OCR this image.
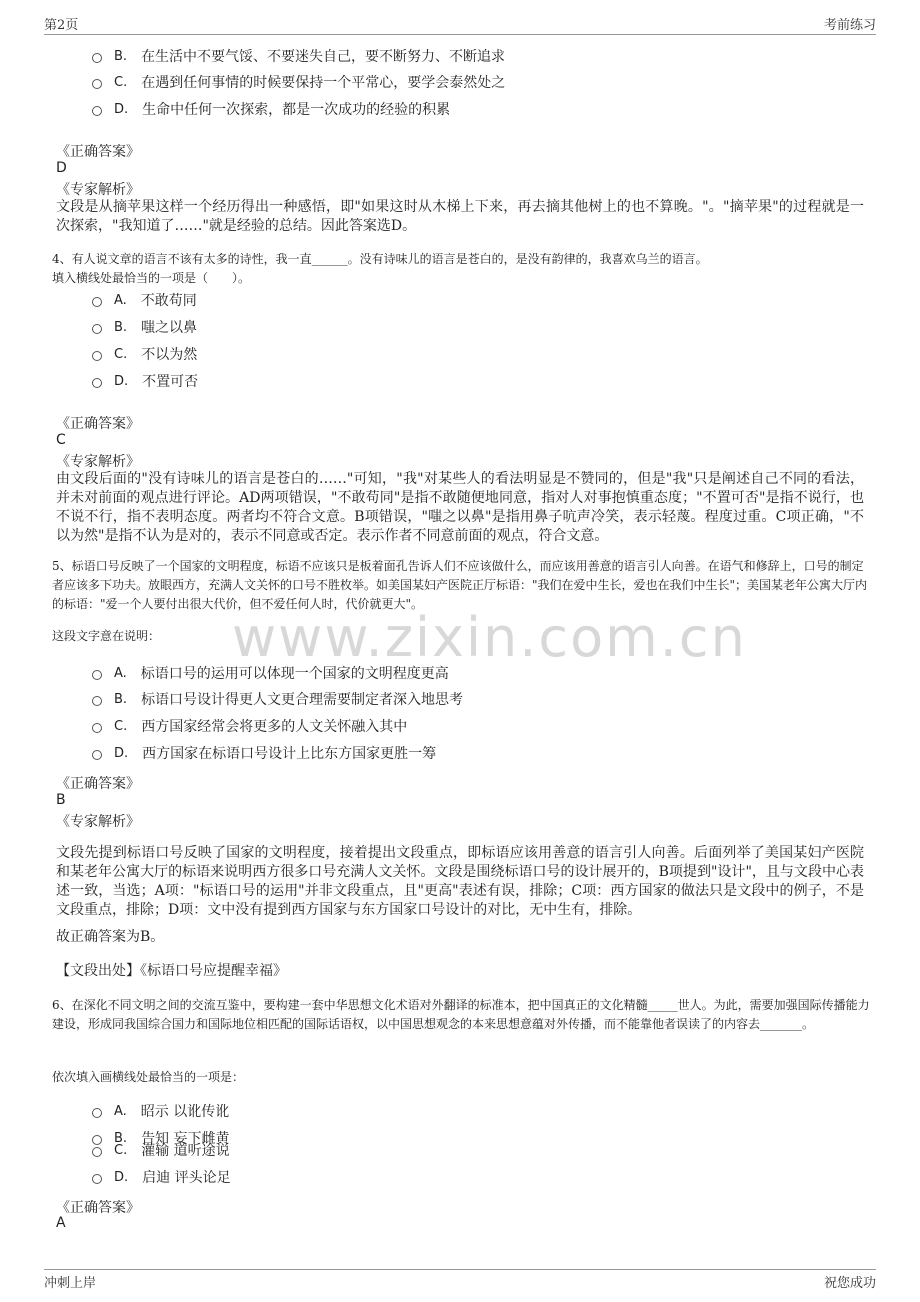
第2页	考前练习
www.zixin.com.cn
B. 在生活中不要气馁、不要迷失自己，要不断努力、不断追求
C. 在遇到任何事情的时候要保持一个平常心，要学会泰然处之
D. 生命中任何一次探索，都是一次成功的经验的积累
《正确答案》
D
《专家解析》
文段是从摘苹果这样一个经历得出一种感悟，即"如果这时从木梯上下来，再去摘其他树上的也不算晚。"。"摘苹果"的过程就是一次探索，"我知道了……"就是经验的总结。因此答案选D。
4、有人说文章的语言不该有太多的诗性，我一直______。没有诗味儿的语言是苍白的，是没有韵律的，我喜欢乌兰的语言。
填入横线处最恰当的一项是（　　）。
A. 不敢苟同
B. 嗤之以鼻
C. 不以为然
D. 不置可否
《正确答案》
C
《专家解析》
由文段后面的"没有诗味儿的语言是苍白的……"可知，"我"对某些人的看法明显是不赞同的，但是"我"只是阐述自己不同的看法，并未对前面的观点进行评论。AD两项错误，"不敢苟同"是指不敢随便地同意，指对人对事抱慎重态度；"不置可否"是指不说行，也不说不行，指不表明态度。两者均不符合文意。B项错误，"嗤之以鼻"是指用鼻子吭声冷笑，表示轻蔑。程度过重。C项正确，"不以为然"是指不认为是对的，表示不同意或否定。表示作者不同意前面的观点，符合文意。
5、标语口号反映了一个国家的文明程度，标语不应该只是板着面孔告诉人们不应该做什么，而应该用善意的语言引人向善。在语气和修辞上，口号的制定者应该多下功夫。放眼西方，充满人文关怀的口号不胜枚举。如美国某妇产医院正厅标语："我们在爱中生长，爱也在我们中生长"；美国某老年公寓大厅内的标语："爱一个人要付出很大代价，但不爱任何人时，代价就更大"。
这段文字意在说明：
A. 标语口号的运用可以体现一个国家的文明程度更高
B. 标语口号设计得更人文更合理需要制定者深入地思考
C. 西方国家经常会将更多的人文关怀融入其中
D. 西方国家在标语口号设计上比东方国家更胜一筹
《正确答案》
B
《专家解析》
文段先提到标语口号反映了国家的文明程度，接着提出文段重点，即标语应该用善意的语言引人向善。后面列举了美国某妇产医院和某老年公寓大厅的标语来说明西方很多口号充满人文关怀。文段是围绕标语口号的设计展开的，B项提到"设计"，且与文段中心表述一致，当选；A项："标语口号的运用"并非文段重点，且"更高"表述有误，排除；C项：西方国家的做法只是文段中的例子，不是文段重点，排除；D项：文中没有提到西方国家与东方国家口号设计的对比，无中生有，排除。
故正确答案为B。
【文段出处】《标语口号应提醒幸福》
6、在深化不同文明之间的交流互鉴中，要构建一套中华思想文化术语对外翻译的标准本，把中国真正的文化精髓_____世人。为此，需要加强国际传播能力建设，形成同我国综合国力和国际地位相匹配的国际话语权，以中国思想观念的本来思想意蕴对外传播，而不能靠他者误读了的内容去_______。
依次填入画横线处最恰当的一项是：
A. 昭示 以讹传讹
B. 告知 妄下雌黄
C. 灌输 道听途说
D. 启迪 评头论足
《正确答案》
A
冲刺上岸	祝您成功
